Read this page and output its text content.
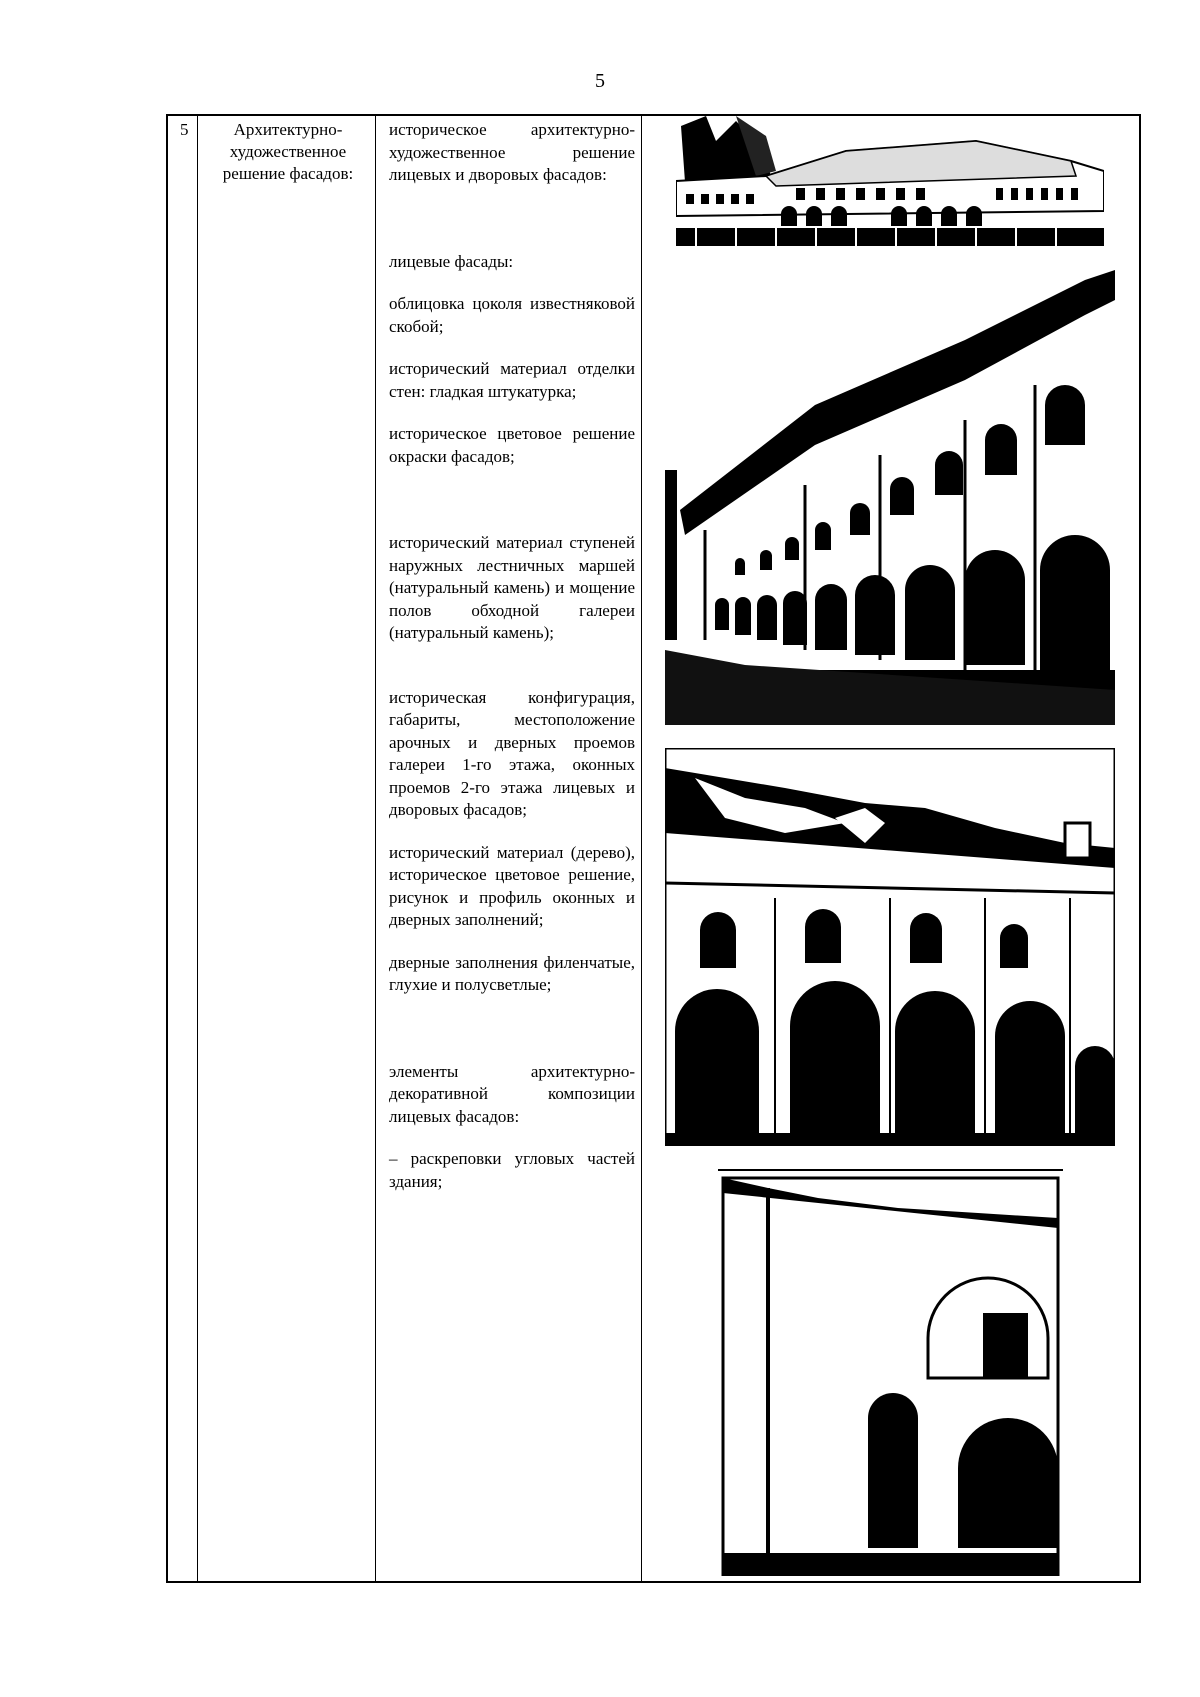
5
5	Архитектурно-художественное решение фасадов:

историческое архитектурно-художественное решение лицевых и дворовых фасадов:

лицевые фасады:

облицовка цоколя известняковой скобой;

исторический материал отделки стен: гладкая штукатурка;

историческое цветовое решение окраски фасадов;

исторический материал ступеней наружных лестничных маршей (натуральный камень) и мощение полов обходной галереи (натуральный камень);

историческая конфигурация, габариты, местоположение арочных и дверных проемов галереи 1-го этажа, оконных проемов 2-го этажа лицевых и дворовых фасадов;

исторический материал (дерево), историческое цветовое решение, рисунок и профиль оконных и дверных заполнений;

дверные заполнения филенчатые, глухие и полусветлые;

элементы архитектурно-декоративной композиции лицевых фасадов:

– раскреповки угловых частей здания;
